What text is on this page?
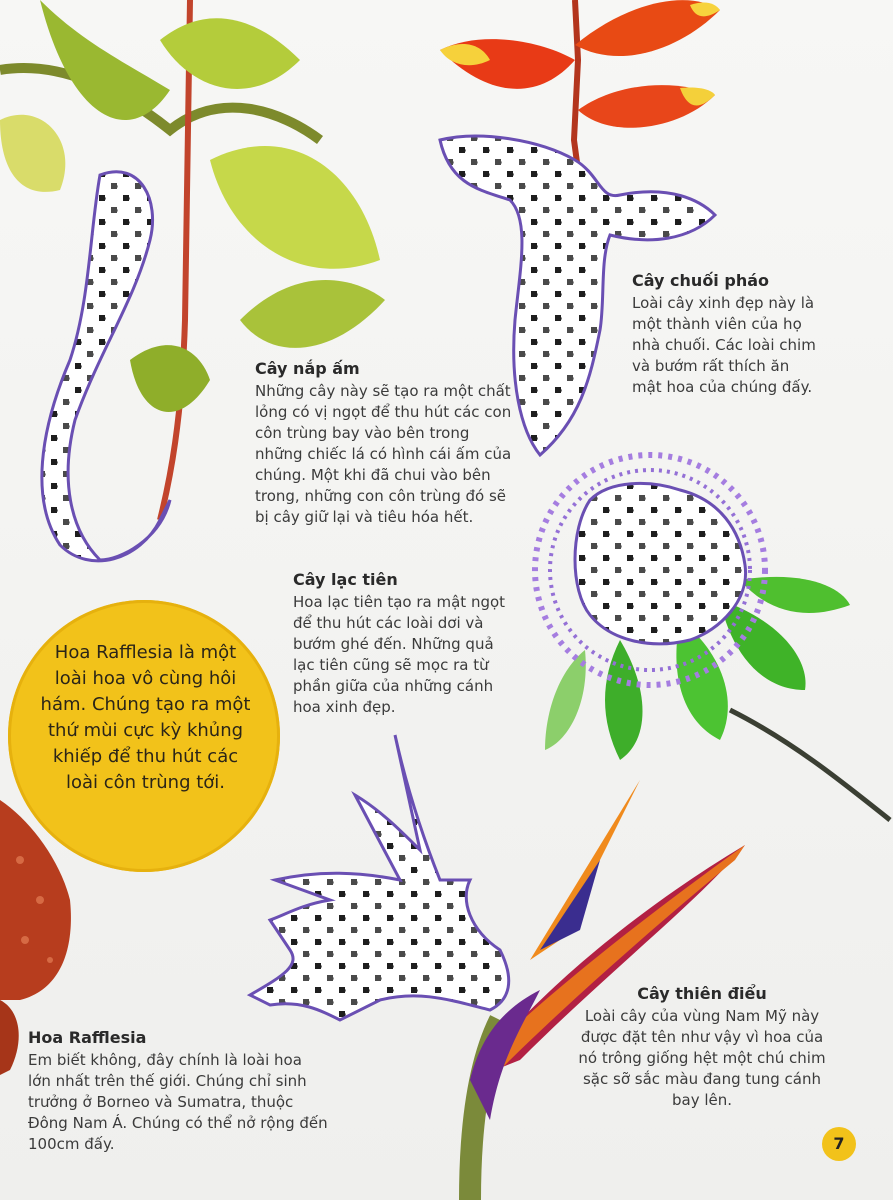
Cây nắp ấm

Những cây này sẽ tạo ra một chất lỏng có vị ngọt để thu hút các con côn trùng bay vào bên trong những chiếc lá có hình cái ấm của chúng. Một khi đã chui vào bên trong, những con côn trùng đó sẽ bị cây giữ lại và tiêu hóa hết.

Cây chuối pháo

Loài cây xinh đẹp này là một thành viên của họ nhà chuối. Các loài chim và bướm rất thích ăn mật hoa của chúng đấy.

Cây lạc tiên

Hoa lạc tiên tạo ra mật ngọt để thu hút các loài dơi và bướm ghé đến. Những quả lạc tiên cũng sẽ mọc ra từ phần giữa của những cánh hoa xinh đẹp.

Hoa Rafflesia là một loài hoa vô cùng hôi hám. Chúng tạo ra một thứ mùi cực kỳ khủng khiếp để thu hút các loài côn trùng tới.

Hoa Rafflesia

Em biết không, đây chính là loài hoa lớn nhất trên thế giới. Chúng chỉ sinh trưởng ở Borneo và Sumatra, thuộc Đông Nam Á. Chúng có thể nở rộng đến 100cm đấy.

Cây thiên điểu

Loài cây của vùng Nam Mỹ này được đặt tên như vậy vì hoa của nó trông giống hệt một chú chim sặc sỡ sắc màu đang tung cánh bay lên.

7
